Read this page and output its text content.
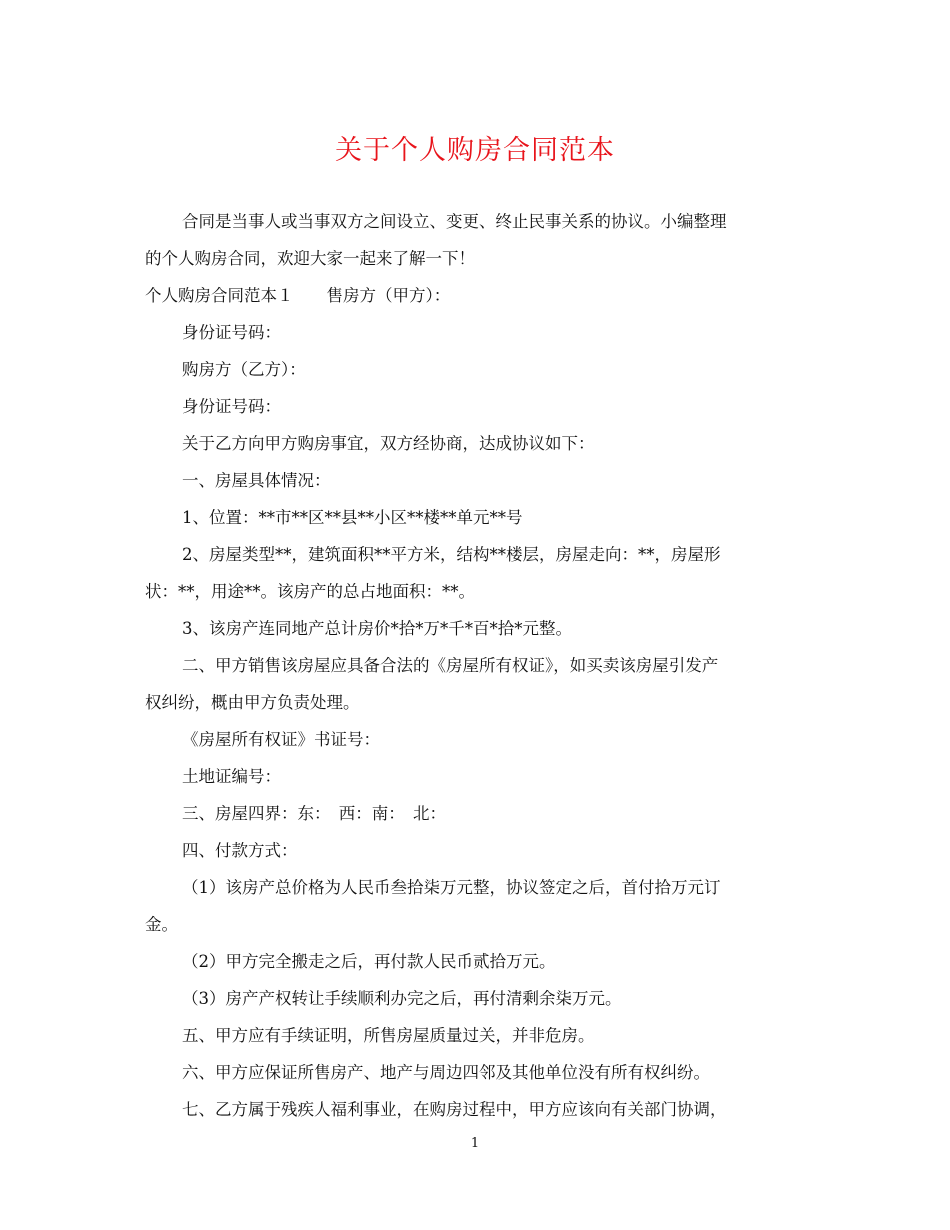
关于个人购房合同范本
合同是当事人或当事双方之间设立、变更、终止民事关系的协议。小编整理
的个人购房合同，欢迎大家一起来了解一下！
个人购房合同范本１　　售房方（甲方）：
身份证号码：
购房方（乙方）：
身份证号码：
关于乙方向甲方购房事宜，双方经协商，达成协议如下：
一、房屋具体情况：
1、位置：**市**区**县**小区**楼**单元**号
2、房屋类型**，建筑面积**平方米，结构**楼层，房屋走向：**，房屋形
状：**，用途**。该房产的总占地面积：**。
3、该房产连同地产总计房价*拾*万*千*百*拾*元整。
二、甲方销售该房屋应具备合法的《房屋所有权证》，如买卖该房屋引发产
权纠纷，概由甲方负责处理。
《房屋所有权证》书证号：
土地证编号：
三、房屋四界：东：　西：南：　北：
四、付款方式：
（1）该房产总价格为人民币叁拾柒万元整，协议签定之后，首付拾万元订
金。
（2）甲方完全搬走之后，再付款人民币贰拾万元。
（3）房产产权转让手续顺利办完之后，再付清剩余柒万元。
五、甲方应有手续证明，所售房屋质量过关，并非危房。
六、甲方应保证所售房产、地产与周边四邻及其他单位没有所有权纠纷。
七、乙方属于残疾人福利事业，在购房过程中，甲方应该向有关部门协调，
1
